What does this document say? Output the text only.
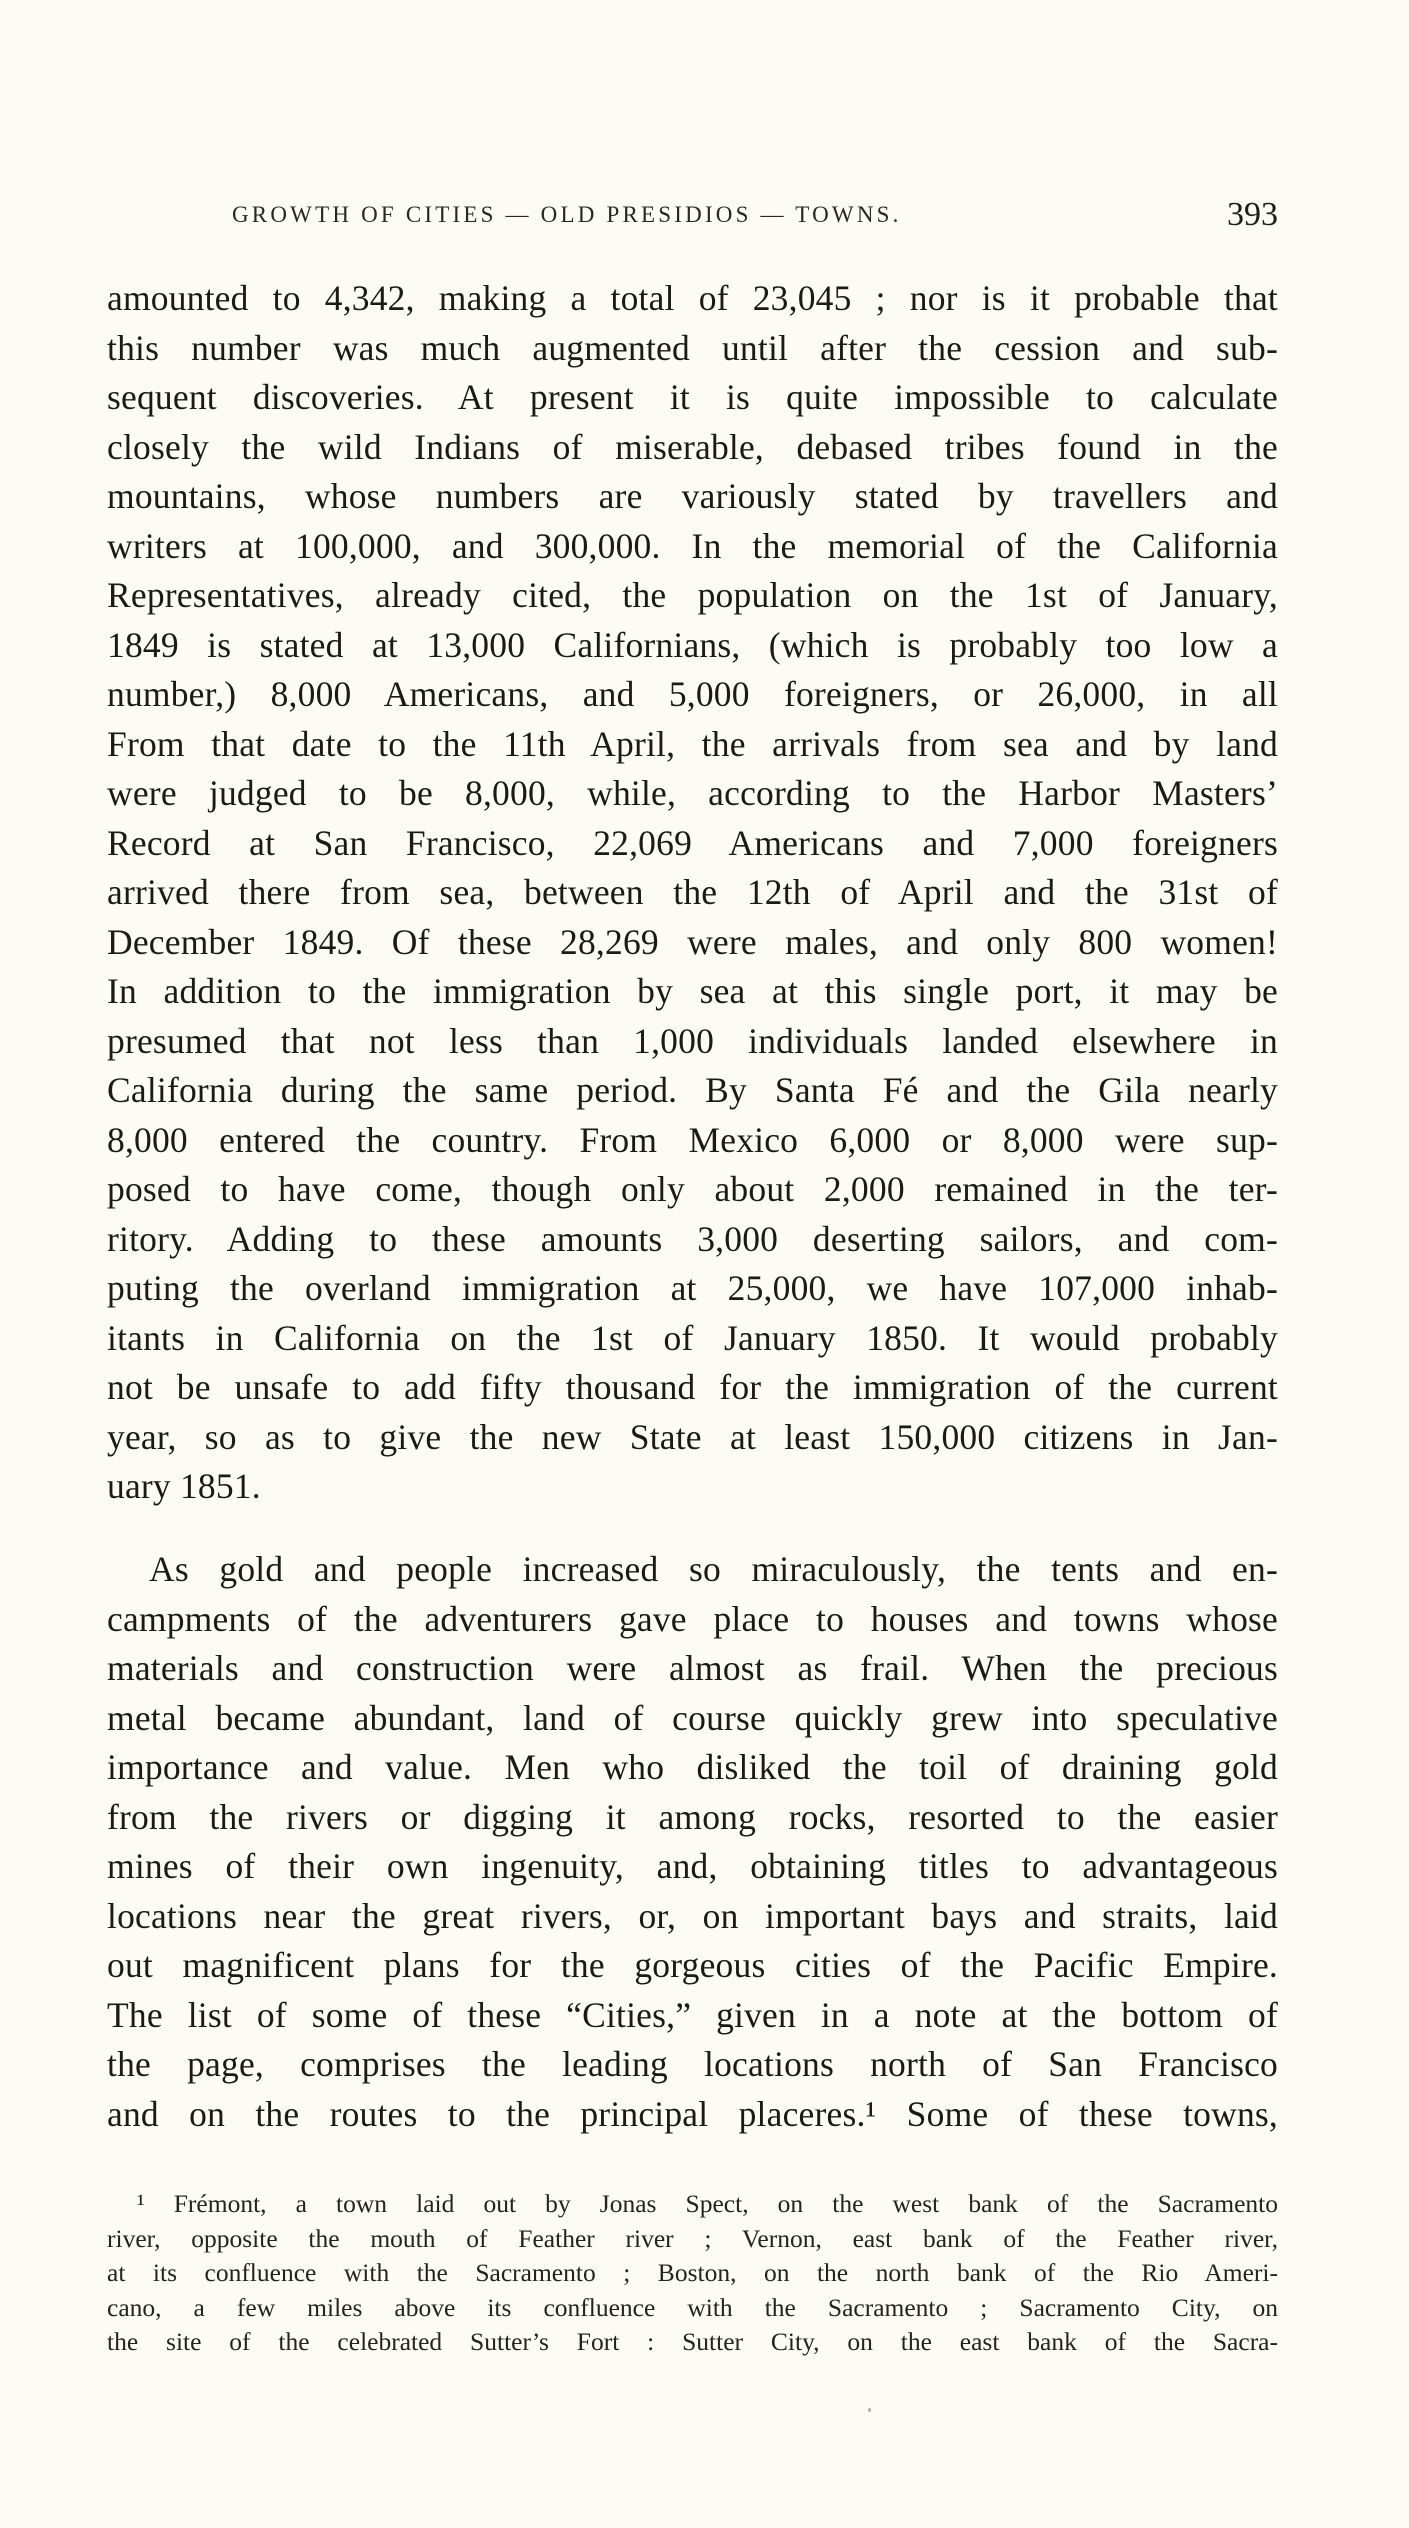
GROWTH OF CITIES — OLD PRESIDIOS — TOWNS.	393
amounted to 4,342, making a total of 23,045 ; nor is it probable that
this number was much augmented until after the cession and sub-
sequent discoveries. At present it is quite impossible to calculate
closely the wild Indians of miserable, debased tribes found in the
mountains, whose numbers are variously stated by travellers and
writers at 100,000, and 300,000. In the memorial of the California
Representatives, already cited, the population on the 1st of January,
1849 is stated at 13,000 Californians, (which is probably too low a
number,) 8,000 Americans, and 5,000 foreigners, or 26,000, in all
From that date to the 11th April, the arrivals from sea and by land
were judged to be 8,000, while, according to the Harbor Masters’
Record at San Francisco, 22,069 Americans and 7,000 foreigners
arrived there from sea, between the 12th of April and the 31st of
December 1849. Of these 28,269 were males, and only 800 women!
In addition to the immigration by sea at this single port, it may be
presumed that not less than 1,000 individuals landed elsewhere in
California during the same period. By Santa Fé and the Gila nearly
8,000 entered the country. From Mexico 6,000 or 8,000 were sup-
posed to have come, though only about 2,000 remained in the ter-
ritory. Adding to these amounts 3,000 deserting sailors, and com-
puting the overland immigration at 25,000, we have 107,000 inhab-
itants in California on the 1st of January 1850. It would probably
not be unsafe to add fifty thousand for the immigration of the current
year, so as to give the new State at least 150,000 citizens in Jan-
uary 1851.
As gold and people increased so miraculously, the tents and en-
campments of the adventurers gave place to houses and towns whose
materials and construction were almost as frail. When the precious
metal became abundant, land of course quickly grew into speculative
importance and value. Men who disliked the toil of draining gold
from the rivers or digging it among rocks, resorted to the easier
mines of their own ingenuity, and, obtaining titles to advantageous
locations near the great rivers, or, on important bays and straits, laid
out magnificent plans for the gorgeous cities of the Pacific Empire.
The list of some of these “Cities,” given in a note at the bottom of
the page, comprises the leading locations north of San Francisco
and on the routes to the principal placeres.¹ Some of these towns,
¹ Frémont, a town laid out by Jonas Spect, on the west bank of the Sacramento
river, opposite the mouth of Feather river ; Vernon, east bank of the Feather river,
at its confluence with the Sacramento ; Boston, on the north bank of the Rio Ameri-
cano, a few miles above its confluence with the Sacramento ; Sacramento City, on
the site of the celebrated Sutter’s Fort : Sutter City, on the east bank of the Sacra-
